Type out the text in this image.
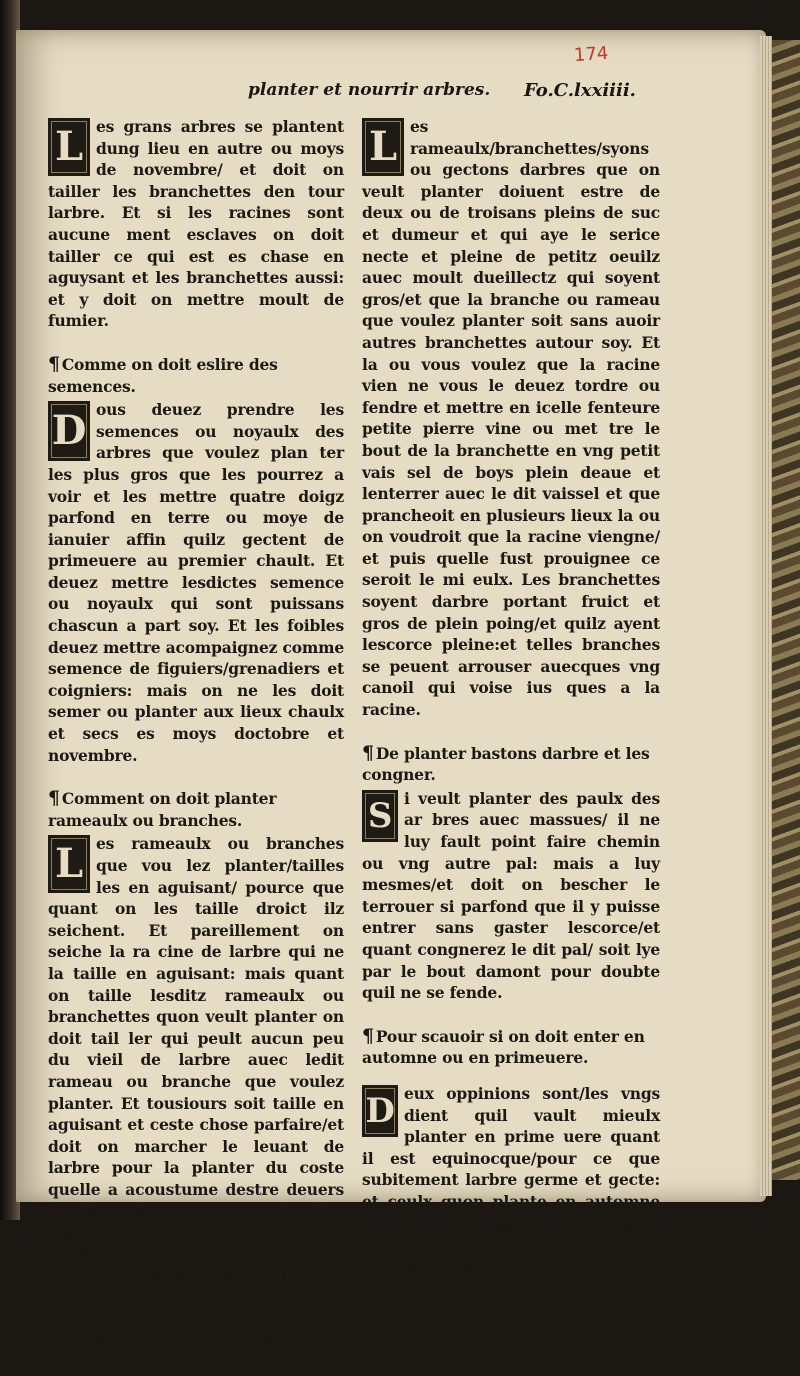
174
planter et nourrir arbres. Fo.C.lxxiiii.
L es grans arbres se plantent dung lieu en autre ou moys de novembre/ et doit on tailler les branchettes den tour larbre. Et si les racines sont aucune ment esclaves on doit tailler ce qui est es chase en aguysant et les branchettes aussi: et y doit on mettre moult de fumier.
¶ Comme on doit eslire des semences.
D ous deuez prendre les semences ou noyaulx des arbres que voulez plan ter les plus gros que les pourrez a voir et les mettre quatre doigz parfond en terre ou moye de ianuier affin quilz gectent de primeuere au premier chault. Et deuez mettre lesdictes semence ou noyaulx qui sont puissans chascun a part soy. Et les foibles deuez mettre acompaignez comme semence de figuiers/grenadiers et coigniers: mais on ne les doit semer ou planter aux lieux chaulx et secs es moys doctobre et novembre.
¶ Comment on doit planter rameaulx ou branches.
L es rameaulx ou branches que vou lez planter/tailles les en aguisant/ pource que quant on les taille droict ilz seichent. Et pareillement on seiche la ra cine de larbre qui ne la taille en aguisant: mais quant on taille lesditz rameaulx ou branchettes quon veult planter on doit tail ler qui peult aucun peu du vieil de larbre auec ledit rameau ou branche que voulez planter. Et tousiours soit taille en aguisant et ceste chose parfaire/et doit on marcher le leuant de larbre pour la planter du coste quelle a acoustume destre deuers soleil le uant. Lesditz rameaulx/branchettes ou get tons se doiuent planter en octobre ou en mars quant ilz sont en sucgne.
¶ Laage que doiuent auoir les branches ou gectons quon veult planter.
L es rameaulx/branchettes/syons ou gectons darbres que on veult planter doiuent estre de deux ou de troisans pleins de suc et dumeur et qui aye le serice necte et pleine de petitz oeuilz auec moult dueillectz qui soyent gros/et que la branche ou rameau que voulez planter soit sans auoir autres branchettes autour soy. Et la ou vous voulez que la racine vien ne vous le deuez tordre ou fendre et mettre en icelle fenteure petite pierre vine ou met tre le bout de la branchette en vng petit vais sel de boys plein deaue et lenterrer auec le dit vaissel et que prancheoit en plusieurs lieux la ou on voudroit que la racine viengne/ et puis quelle fust prouignee ce seroit le mi eulx. Les branchettes soyent darbre portant fruict et gros de plein poing/et quilz ayent lescorce pleine:et telles branches se peuent arrouser auecques vng canoil qui voise ius ques a la racine.
¶ De planter bastons darbre et les congner.
S i veult planter des paulx des ar bres auec massues/ il ne luy fault point faire chemin ou vng autre pal: mais a luy mesmes/et doit on bescher le terrouer si parfond que il y puisse entrer sans gaster lescorce/et quant congnerez le dit pal/ soit lye par le bout damont pour doubte quil ne se fende.
¶ Pour scauoir si on doit enter en automne ou en primeuere.
D eux oppinions sont/les vngs dient quil vault mieulx planter en prime uere quant il est equinocque/pour ce que subitement larbre germe et gecte: et ceulx quon plante en automne on les doit planter a la naissance dune constellation quon appelle Saturne/ qui est vnze ioure
